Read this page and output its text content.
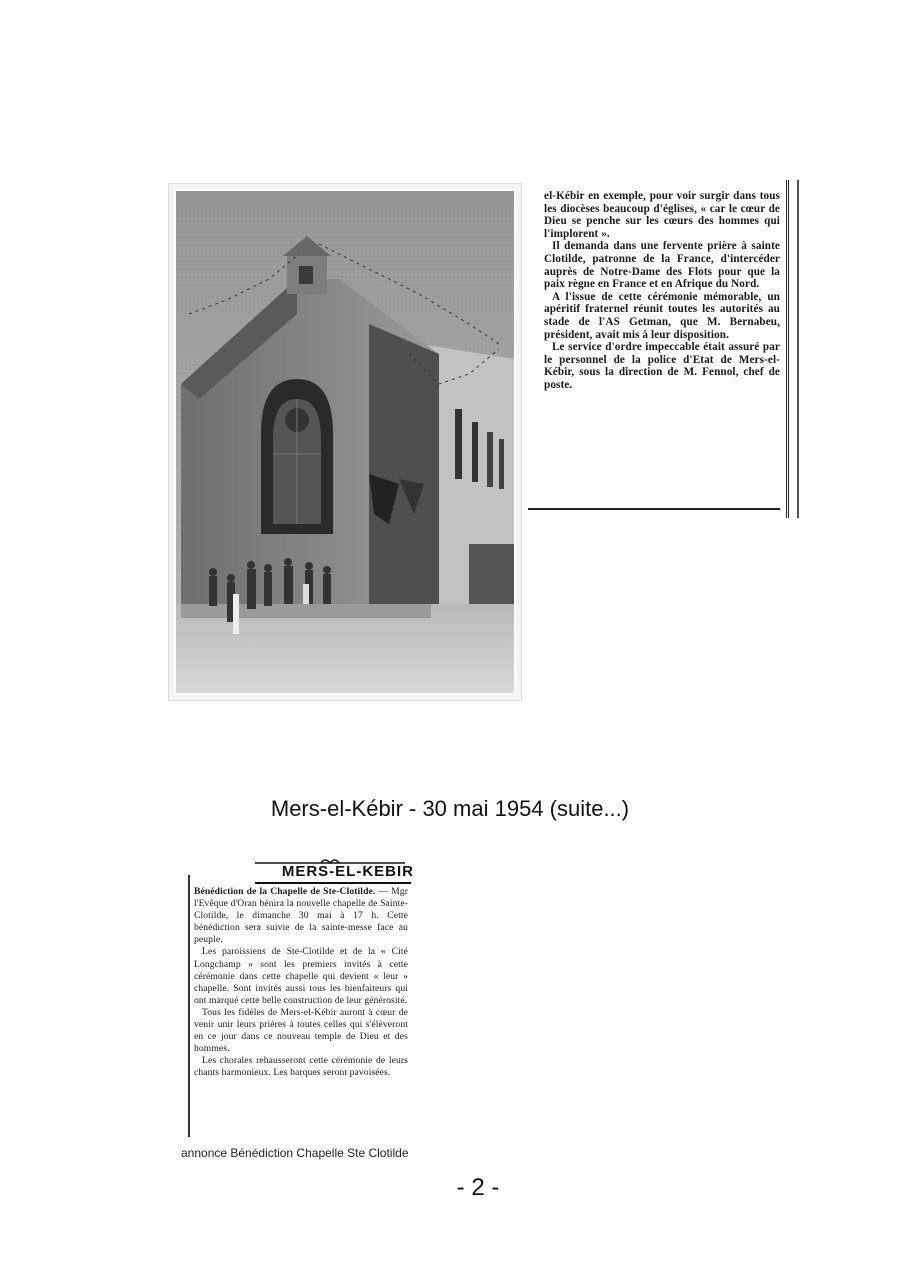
el-Kébir en exemple, pour voir surgir dans tous les diocèses beaucoup d'églises, « car le cœur de Dieu se penche sur les cœurs des hommes qui l'implorent ».

Il demanda dans une fervente prière à sainte Clotilde, patronne de la France, d'intercéder auprès de Notre-Dame des Flots pour que la paix règne en France et en Afrique du Nord.

A l'issue de cette cérémonie mémorable, un apéritif fraternel réunit toutes les autorités au stade de l'AS Getman, que M. Bernabeu, président, avait mis à leur disposition.

Le service d'ordre impeccable était assuré par le personnel de la police d'Etat de Mers-el-Kébir, sous la direction de M. Fennol, chef de poste.

Mers-el-Kébir - 30 mai 1954 (suite...)
MERS-EL-KEBIR

Bénédiction de la Chapelle de Ste-Clotilde. — Mgr l'Evêque d'Oran bénira la nouvelle chapelle de Sainte-Clotilde, le dimanche 30 mai à 17 h. Cette bénédiction sera suivie de la sainte-messe face au peuple.

Les paroissiens de Ste-Clotilde et de la « Cité Longchamp » sont les premiers invités à cette cérémonie dans cette chapelle qui devient « leur » chapelle. Sont invités aussi tous les bienfaiteurs qui ont marqué cette belle construction de leur générosité.

Tous les fidèles de Mers-el-Kébir auront à cœur de venir unir leurs prières à toutes celles qui s'élèveront en ce jour dans ce nouveau temple de Dieu et des hommes.

Les chorales rehausseront cette cérémonie de leurs chants harmonieux. Les barques seront pavoisées.

annonce Bénédiction Chapelle Ste Clotilde
- 2 -
